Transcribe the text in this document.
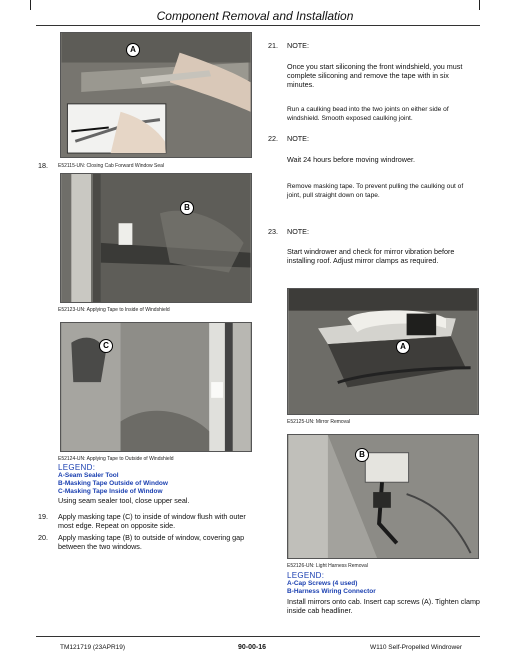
Component Removal and Installation
A
E52115-UN: Closing Cab Forward Window Seal
18.
B
E52123-UN: Applying Tape to Inside of Windshield
C
E52124-UN: Applying Tape to Outside of Windshield
LEGEND:
A-Seam Sealer Tool
B-Masking Tape Outside of Window
C-Masking Tape Inside of Window
Using seam sealer tool, close upper seal.
19. Apply masking tape (C) to inside of window flush with outer
most edge. Repeat on opposite side.
20. Apply masking tape (B) to outside of window, covering gap
between the two windows.
21. NOTE:
Once you start siliconing the front windshield, you must
complete siliconing and remove the tape with in six
minutes.
Run a caulking bead into the two joints on either side of
windshield. Smooth exposed caulking joint.
22. NOTE:
Wait 24 hours before moving windrower.
Remove masking tape. To prevent pulling the caulking out of
joint, pull straight down on tape.
23. NOTE:
Start windrower and check for mirror vibration before
installing roof. Adjust mirror clamps as required.
A
E52125-UN: Mirror Removal
B
E52126-UN: Light Harness Removal
LEGEND:
A-Cap Screws (4 used)
B-Harness Wiring Connector
Install mirrors onto cab. Insert cap screws (A). Tighten clamp
inside cab headliner.
TM121719 (23APR19)	90-00-16	W110 Self-Propelled Windrower
